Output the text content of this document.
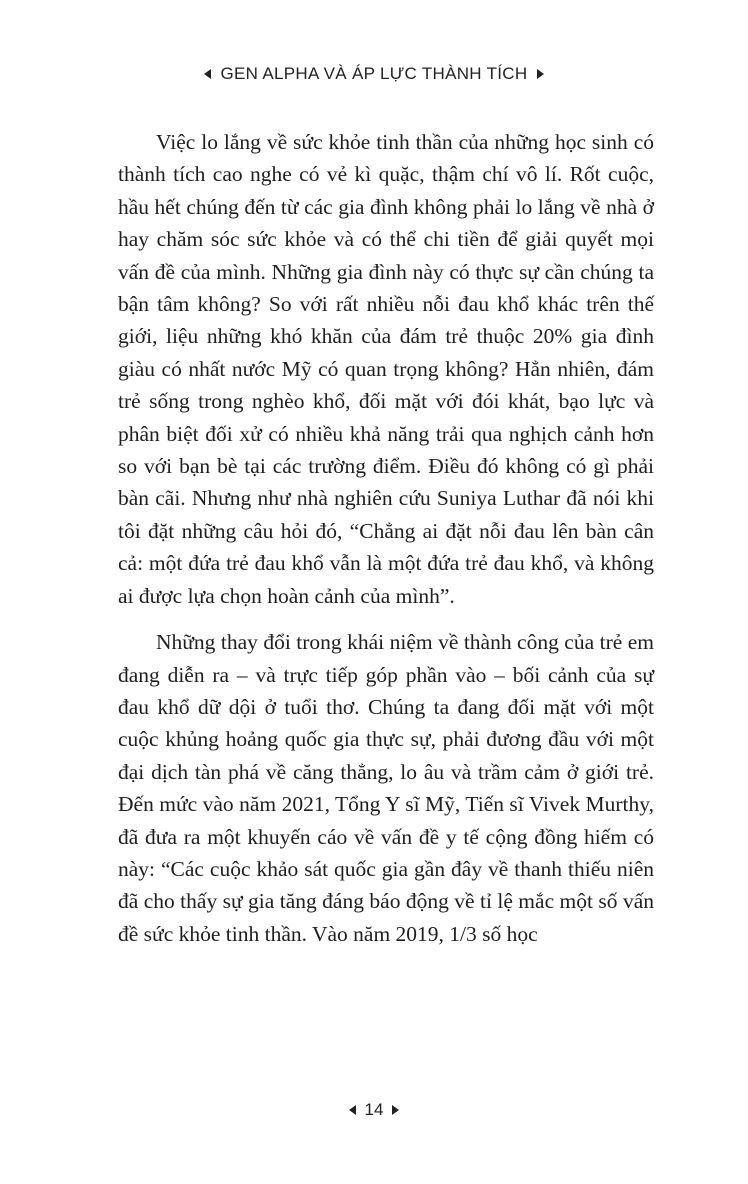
GEN ALPHA VÀ ÁP LỰC THÀNH TÍCH

Việc lo lắng về sức khỏe tinh thần của những học sinh có thành tích cao nghe có vẻ kì quặc, thậm chí vô lí. Rốt cuộc, hầu hết chúng đến từ các gia đình không phải lo lắng về nhà ở hay chăm sóc sức khỏe và có thể chi tiền để giải quyết mọi vấn đề của mình. Những gia đình này có thực sự cần chúng ta bận tâm không? So với rất nhiều nỗi đau khổ khác trên thế giới, liệu những khó khăn của đám trẻ thuộc 20% gia đình giàu có nhất nước Mỹ có quan trọng không? Hẳn nhiên, đám trẻ sống trong nghèo khổ, đối mặt với đói khát, bạo lực và phân biệt đối xử có nhiều khả năng trải qua nghịch cảnh hơn so với bạn bè tại các trường điểm. Điều đó không có gì phải bàn cãi. Nhưng như nhà nghiên cứu Suniya Luthar đã nói khi tôi đặt những câu hỏi đó, “Chẳng ai đặt nỗi đau lên bàn cân cả: một đứa trẻ đau khổ vẫn là một đứa trẻ đau khổ, và không ai được lựa chọn hoàn cảnh của mình”.

Những thay đổi trong khái niệm về thành công của trẻ em đang diễn ra – và trực tiếp góp phần vào – bối cảnh của sự đau khổ dữ dội ở tuổi thơ. Chúng ta đang đối mặt với một cuộc khủng hoảng quốc gia thực sự, phải đương đầu với một đại dịch tàn phá về căng thẳng, lo âu và trầm cảm ở giới trẻ. Đến mức vào năm 2021, Tổng Y sĩ Mỹ, Tiến sĩ Vivek Murthy, đã đưa ra một khuyến cáo về vấn đề y tế cộng đồng hiếm có này: “Các cuộc khảo sát quốc gia gần đây về thanh thiếu niên đã cho thấy sự gia tăng đáng báo động về tỉ lệ mắc một số vấn đề sức khỏe tinh thần. Vào năm 2019, 1/3 số học

14
